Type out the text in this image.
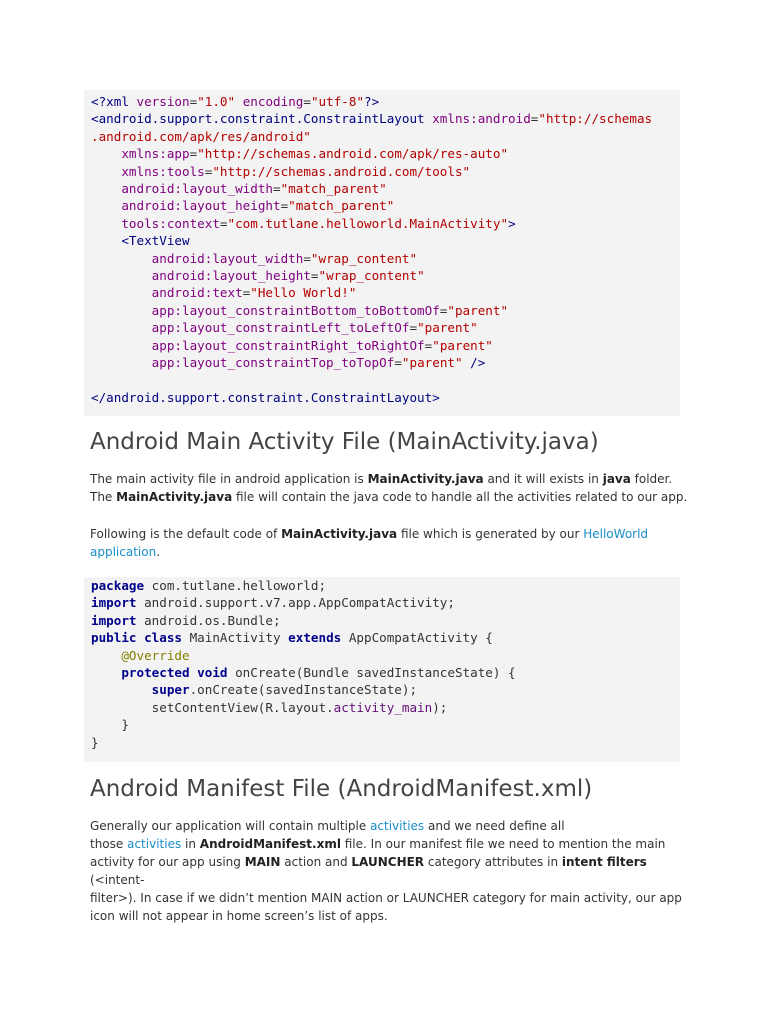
<?xml version="1.0" encoding="utf-8"?>
<android.support.constraint.ConstraintLayout xmlns:android="http://schemas
.android.com/apk/res/android"
xmlns:app="http://schemas.android.com/apk/res-auto"
xmlns:tools="http://schemas.android.com/tools"
android:layout_width="match_parent"
android:layout_height="match_parent"
tools:context="com.tutlane.helloworld.MainActivity">
<TextView
android:layout_width="wrap_content"
android:layout_height="wrap_content"
android:text="Hello World!"
app:layout_constraintBottom_toBottomOf="parent"
app:layout_constraintLeft_toLeftOf="parent"
app:layout_constraintRight_toRightOf="parent"
app:layout_constraintTop_toTopOf="parent" />

</android.support.constraint.ConstraintLayout>
Android Main Activity File (MainActivity.java)

The main activity file in android application is MainActivity.java and it will exists in java folder.
The MainActivity.java file will contain the java code to handle all the activities related to our app.

Following is the default code of MainActivity.java file which is generated by our HelloWorld
application.

package com.tutlane.helloworld;
import android.support.v7.app.AppCompatActivity;
import android.os.Bundle;
public class MainActivity extends AppCompatActivity {
@Override
protected void onCreate(Bundle savedInstanceState) {
super.onCreate(savedInstanceState);
setContentView(R.layout.activity_main);
}
}
Android Manifest File (AndroidManifest.xml)

Generally our application will contain multiple activities and we need define all
those activities in AndroidManifest.xml file. In our manifest file we need to mention the main
activity for our app using MAIN action and LAUNCHER category attributes in intent filters (<intent-
filter>). In case if we didn’t mention MAIN action or LAUNCHER category for main activity, our app
icon will not appear in home screen’s list of apps.
